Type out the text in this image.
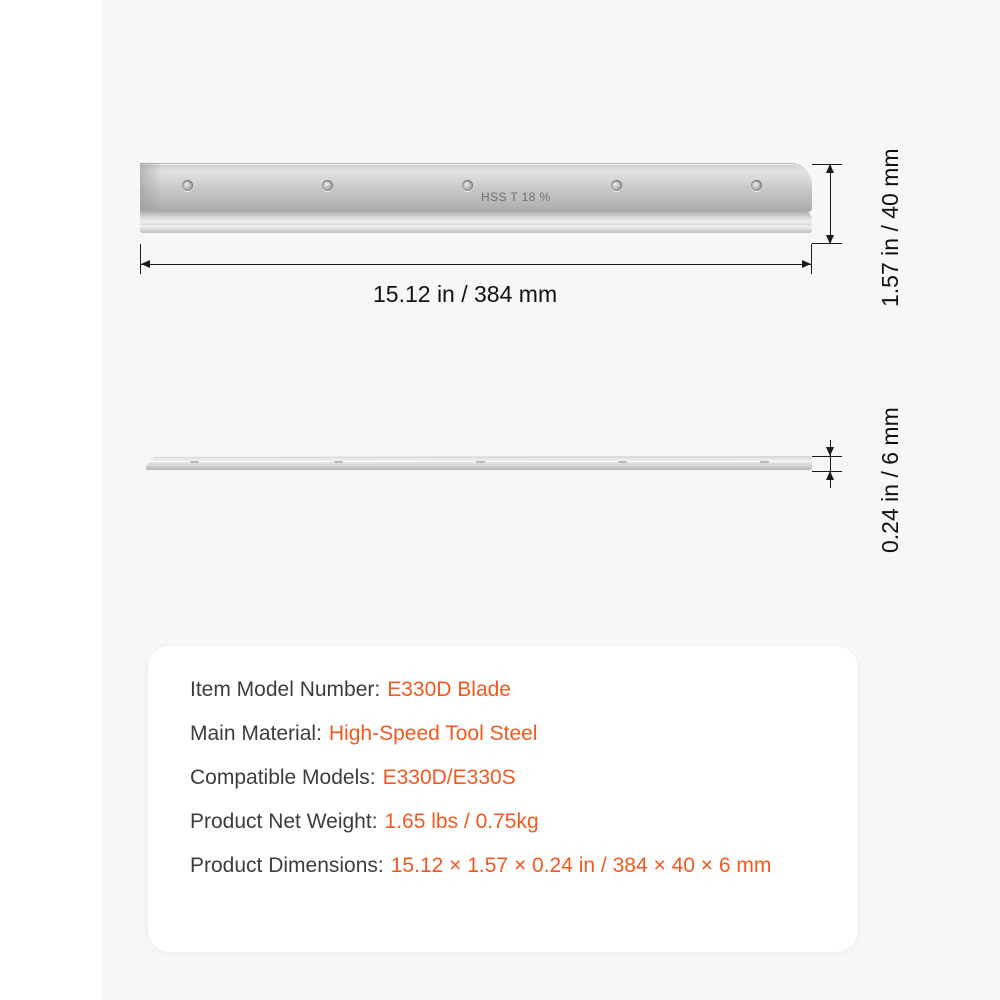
HSS T 18 %
15.12 in / 384 mm	1.57 in / 40 mm
0.24 in / 6 mm
Item Model Number: E330D Blade
Main Material: High-Speed Tool Steel
Compatible Models: E330D/E330S
Product Net Weight: 1.65 lbs / 0.75kg
Product Dimensions: 15.12 × 1.57 × 0.24 in / 384 × 40 × 6 mm
